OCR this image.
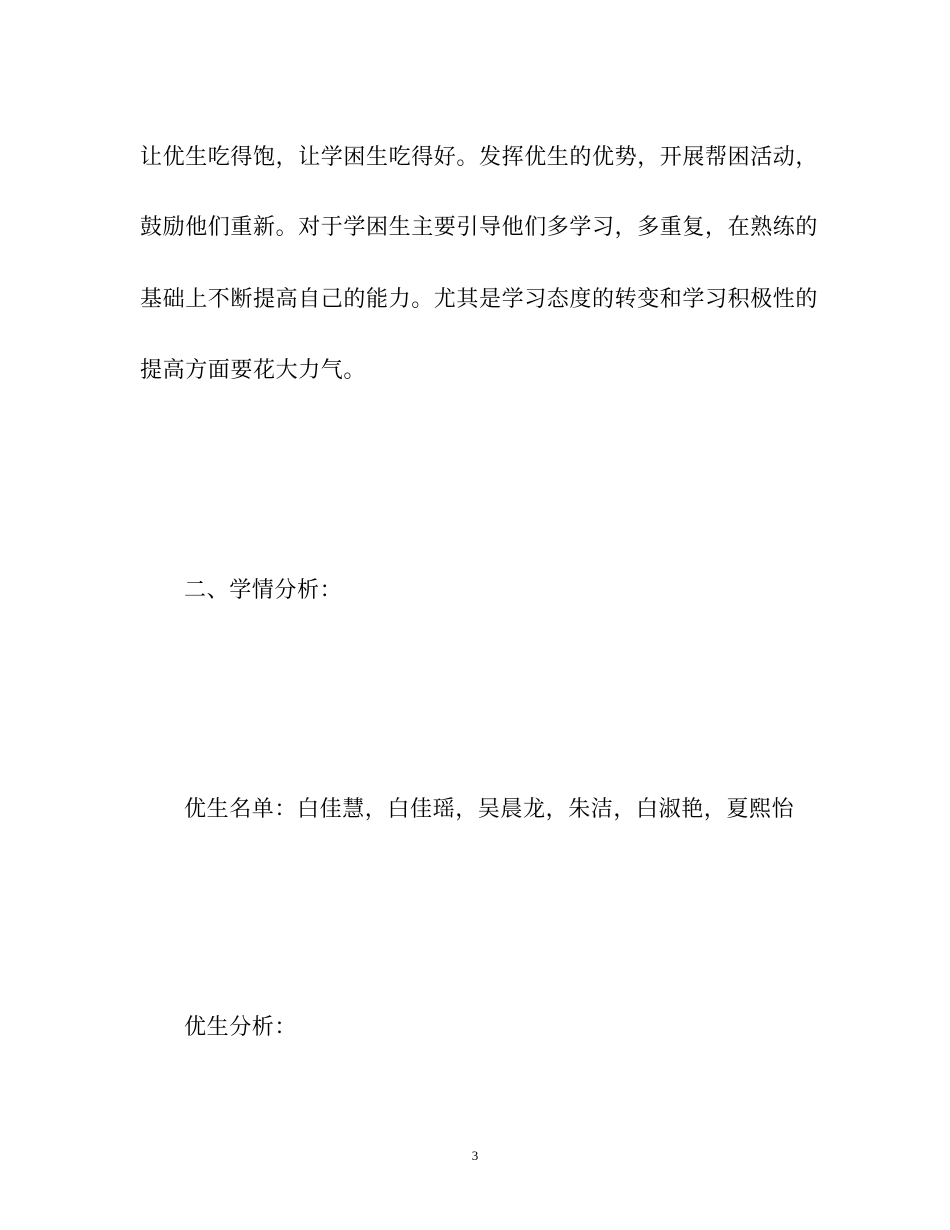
让优生吃得饱，让学困生吃得好。发挥优生的优势，开展帮困活动，
鼓励他们重新。对于学困生主要引导他们多学习，多重复，在熟练的
基础上不断提高自己的能力。尤其是学习态度的转变和学习积极性的
提高方面要花大力气。
二、学情分析：
优生名单：白佳慧，白佳瑶，吴晨龙，朱洁，白淑艳，夏熙怡
优生分析：
3
